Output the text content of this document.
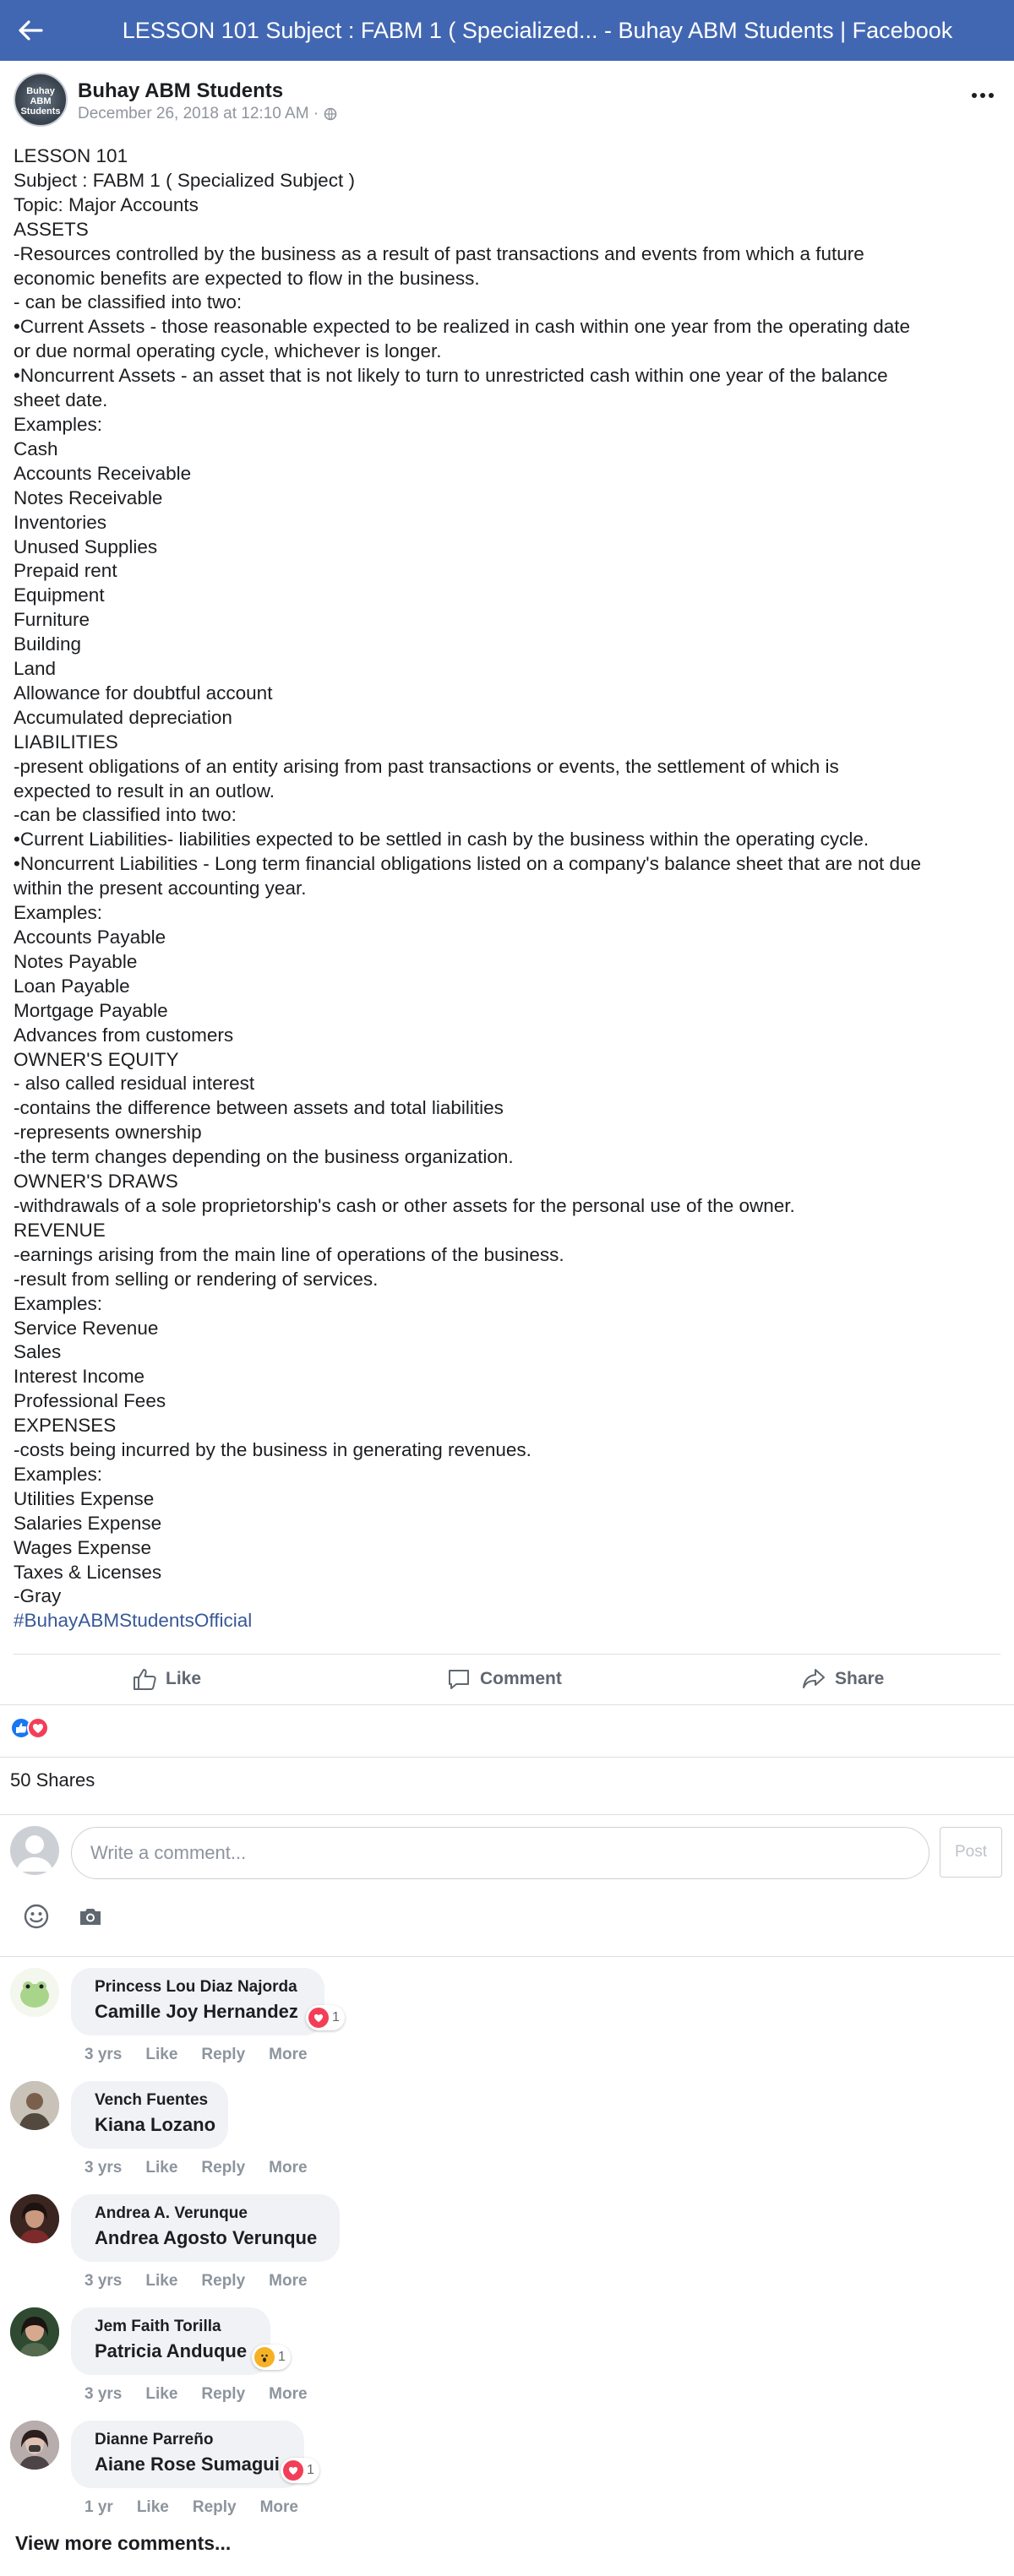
LESSON 101 Subject : FABM 1 ( Specialized... - Buhay ABM Students | Facebook
Buhay
ABM
Students
Buhay ABM Students
December 26, 2018 at 12:10 AM ·
LESSON 101
Subject : FABM 1 ( Specialized Subject )
Topic: Major Accounts
ASSETS
-Resources controlled by the business as a result of past transactions and events from which a future
economic benefits are expected to flow in the business.
- can be classified into two:
•Current Assets - those reasonable expected to be realized in cash within one year from the operating date
or due normal operating cycle, whichever is longer.
•Noncurrent Assets - an asset that is not likely to turn to unrestricted cash within one year of the balance
sheet date.
Examples:
Cash
Accounts Receivable
Notes Receivable
Inventories
Unused Supplies
Prepaid rent
Equipment
Furniture
Building
Land
Allowance for doubtful account
Accumulated depreciation
LIABILITIES
-present obligations of an entity arising from past transactions or events, the settlement of which is
expected to result in an outlow.
-can be classified into two:
•Current Liabilities- liabilities expected to be settled in cash by the business within the operating cycle.
•Noncurrent Liabilities - Long term financial obligations listed on a company's balance sheet that are not due
within the present accounting year.
Examples:
Accounts Payable
Notes Payable
Loan Payable
Mortgage Payable
Advances from customers
OWNER'S EQUITY
- also called residual interest
-contains the difference between assets and total liabilities
-represents ownership
-the term changes depending on the business organization.
OWNER'S DRAWS
-withdrawals of a sole proprietorship's cash or other assets for the personal use of the owner.
REVENUE
-earnings arising from the main line of operations of the business.
-result from selling or rendering of services.
Examples:
Service Revenue
Sales
Interest Income
Professional Fees
EXPENSES
-costs being incurred by the business in generating revenues.
Examples:
Utilities Expense
Salaries Expense
Wages Expense
Taxes & Licenses
-Gray
#BuhayABMStudentsOfficial
Like	Comment	Share
50 Shares
Write a comment...
Post
Princess Lou Diaz Najorda
Camille Joy Hernandez	1
3 yrs Like Reply More
Vench Fuentes
Kiana Lozano
3 yrs Like Reply More
Andrea A. Verunque
Andrea Agosto Verunque
3 yrs Like Reply More
Jem Faith Torilla
Patricia Anduque	1
3 yrs Like Reply More
Dianne Parreño
Aiane Rose Sumagui	1
1 yr Like Reply More
View more comments...
